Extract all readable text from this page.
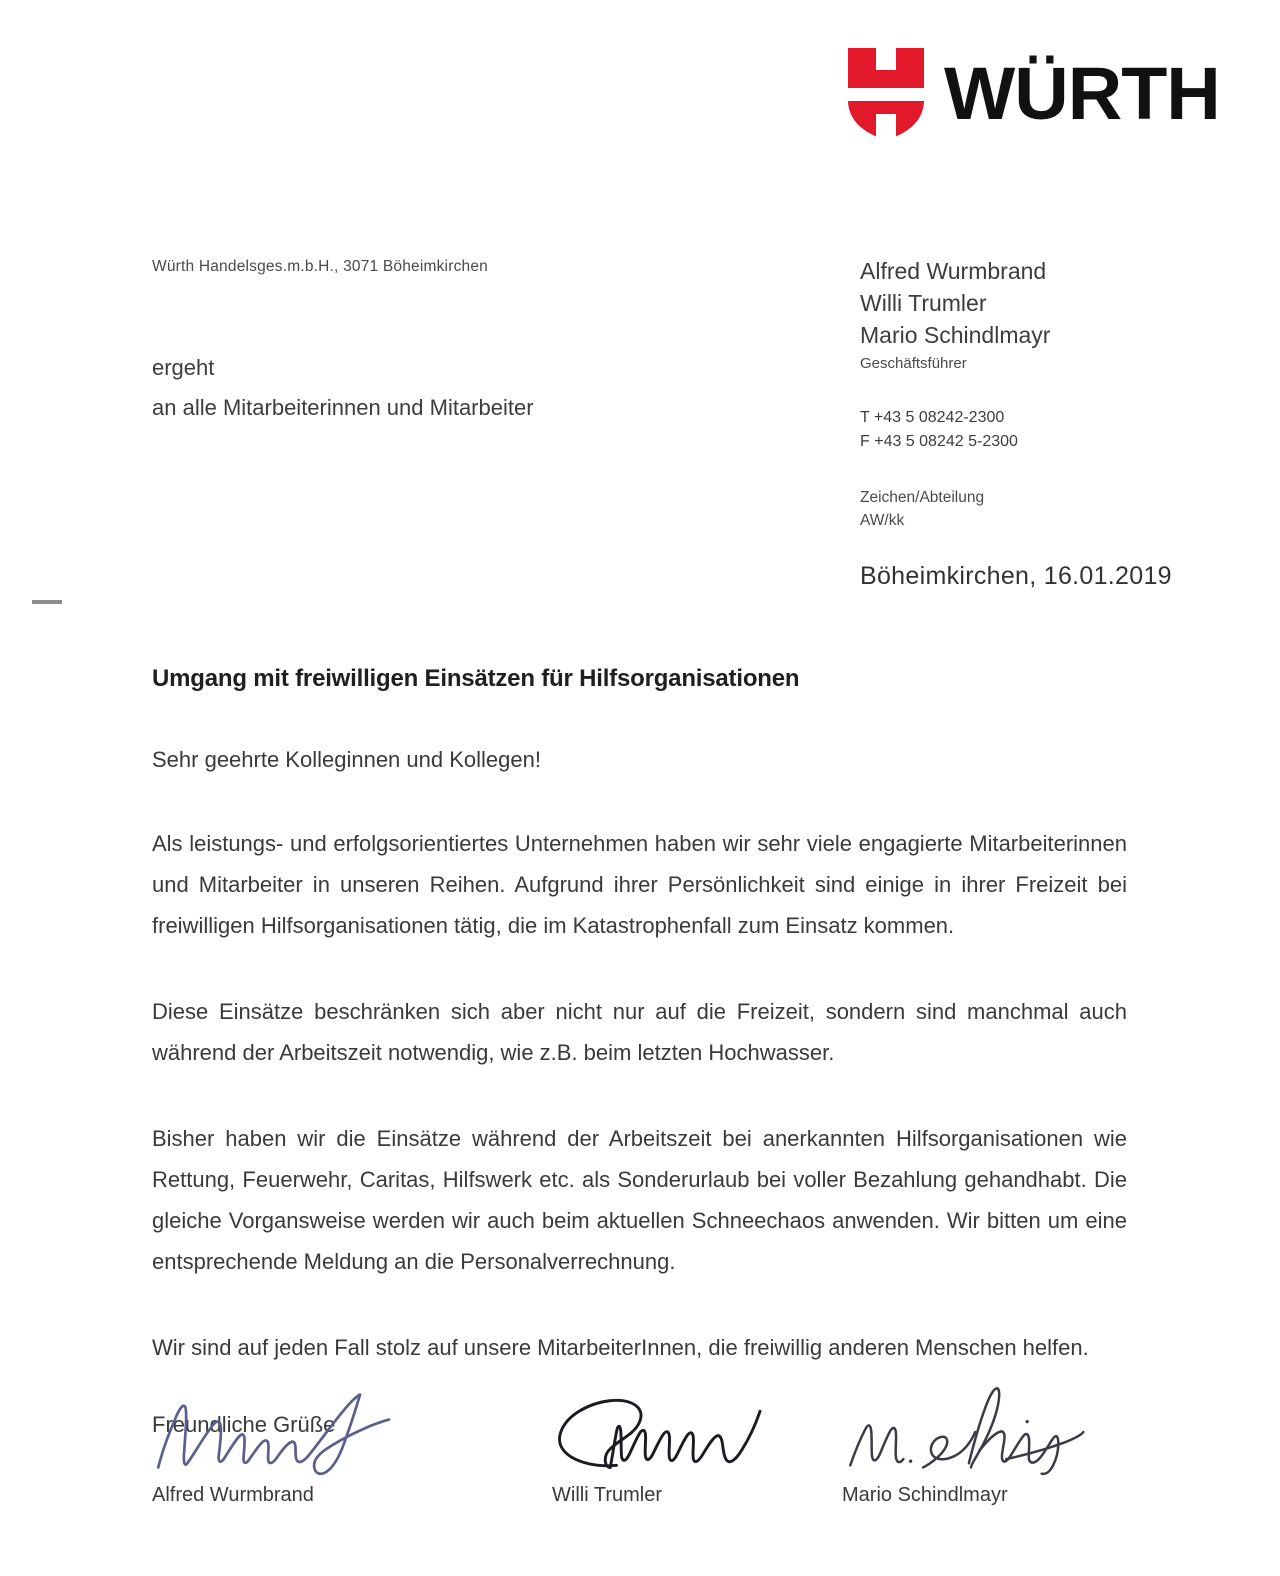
WÜRTH
Würth Handelsges.m.b.H., 3071 Böheimkirchen
ergeht
an alle Mitarbeiterinnen und Mitarbeiter
Alfred Wurmbrand
Willi Trumler
Mario Schindlmayr
Geschäftsführer
T +43 5 08242-2300
F +43 5 08242 5-2300
Zeichen/Abteilung
AW/kk
Böheimkirchen, 16.01.2019
Umgang mit freiwilligen Einsätzen für Hilfsorganisationen

Sehr geehrte Kolleginnen und Kollegen!

Als leistungs- und erfolgsorientiertes Unternehmen haben wir sehr viele engagierte Mitarbeiterinnen und Mitarbeiter in unseren Reihen. Aufgrund ihrer Persönlichkeit sind einige in ihrer Freizeit bei freiwilligen Hilfsorganisationen tätig, die im Katastrophenfall zum Einsatz kommen.

Diese Einsätze beschränken sich aber nicht nur auf die Freizeit, sondern sind manchmal auch während der Arbeitszeit notwendig, wie z.B. beim letzten Hochwasser.

Bisher haben wir die Einsätze während der Arbeitszeit bei anerkannten Hilfsorganisationen wie Rettung, Feuerwehr, Caritas, Hilfswerk etc. als Sonderurlaub bei voller Bezahlung gehandhabt. Die gleiche Vorgansweise werden wir auch beim aktuellen Schneechaos anwenden. Wir bitten um eine entsprechende Meldung an die Personalverrechnung.

Wir sind auf jeden Fall stolz auf unsere MitarbeiterInnen, die freiwillig anderen Menschen helfen.

Freundliche Grüße

Alfred Wurmbrand	Willi Trumler	Mario Schindlmayr
